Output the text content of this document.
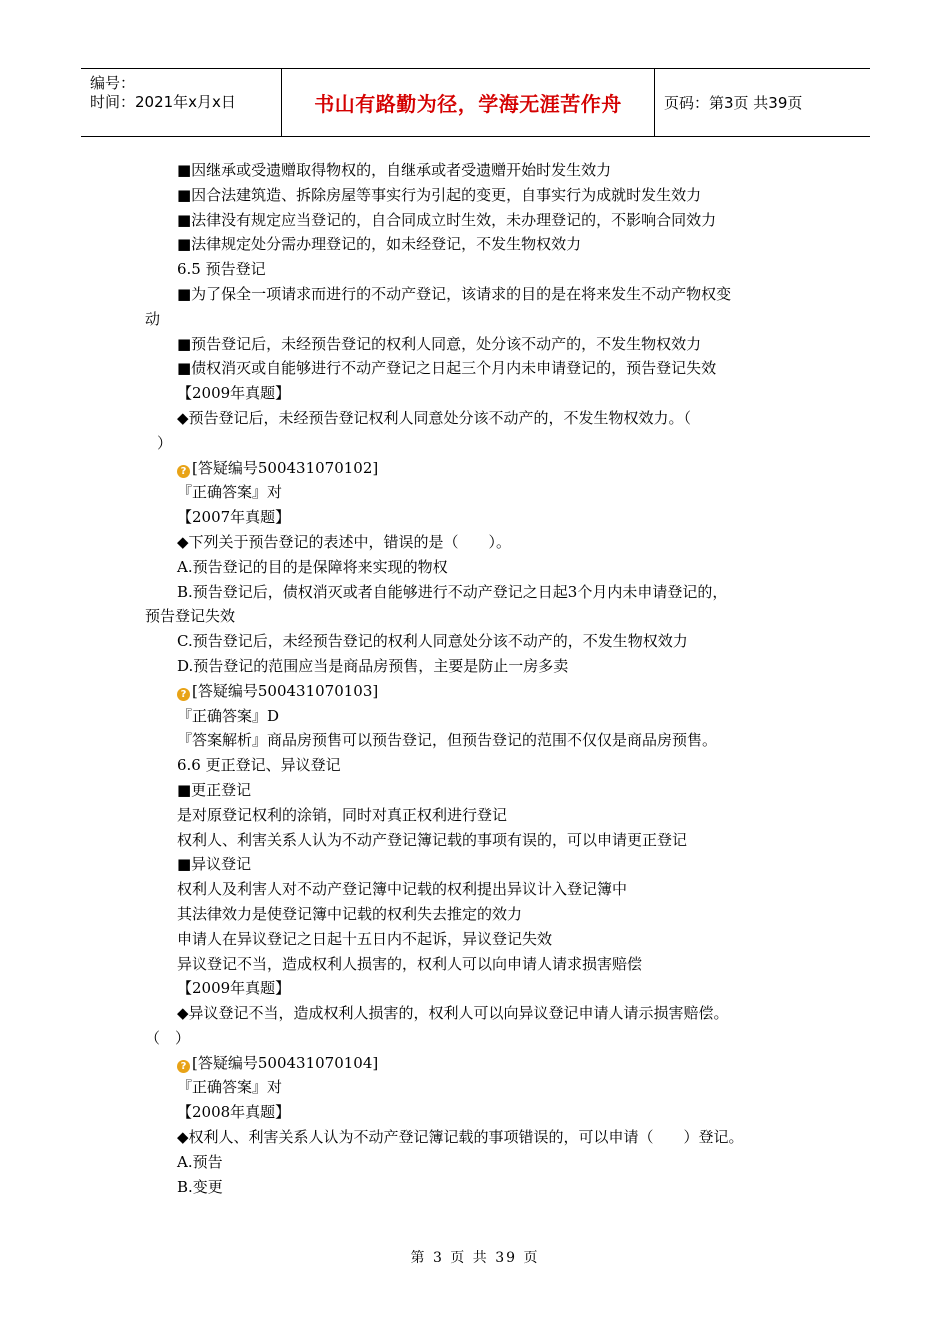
编号：
时间：2021年x月x日	书山有路勤为径，学海无涯苦作舟	页码：第3页 共39页
■因继承或受遗赠取得物权的，自继承或者受遗赠开始时发生效力
■因合法建筑造、拆除房屋等事实行为引起的变更，自事实行为成就时发生效力
■法律没有规定应当登记的，自合同成立时生效，未办理登记的，不影响合同效力
■法律规定处分需办理登记的，如未经登记，不发生物权效力
6.5 预告登记
■为了保全一项请求而进行的不动产登记，该请求的目的是在将来发生不动产物权变
动
■预告登记后，未经预告登记的权利人同意，处分该不动产的，不发生物权效力
■债权消灭或自能够进行不动产登记之日起三个月内未申请登记的，预告登记失效
【2009年真题】
◆预告登记后，未经预告登记权利人同意处分该不动产的，不发生物权效力。（
）
? [答疑编号500431070102]
『正确答案』对
【2007年真题】
◆下列关于预告登记的表述中，错误的是（　　）。
A.预告登记的目的是保障将来实现的物权
B.预告登记后，债权消灭或者自能够进行不动产登记之日起3个月内未申请登记的，
预告登记失效
C.预告登记后，未经预告登记的权利人同意处分该不动产的，不发生物权效力
D.预告登记的范围应当是商品房预售，主要是防止一房多卖
? [答疑编号500431070103]
『正确答案』D
『答案解析』商品房预售可以预告登记，但预告登记的范围不仅仅是商品房预售。
6.6 更正登记、异议登记
■更正登记
是对原登记权利的涂销，同时对真正权利进行登记
权利人、利害关系人认为不动产登记簿记载的事项有误的，可以申请更正登记
■异议登记
权利人及利害人对不动产登记簿中记载的权利提出异议计入登记簿中
其法律效力是使登记簿中记载的权利失去推定的效力
申请人在异议登记之日起十五日内不起诉，异议登记失效
异议登记不当，造成权利人损害的，权利人可以向申请人请求损害赔偿
【2009年真题】
◆异议登记不当，造成权利人损害的，权利人可以向异议登记申请人请示损害赔偿。
（　）
? [答疑编号500431070104]
『正确答案』对
【2008年真题】
◆权利人、利害关系人认为不动产登记簿记载的事项错误的，可以申请（　　）登记。
A.预告
B.变更
第 3 页 共 39 页
